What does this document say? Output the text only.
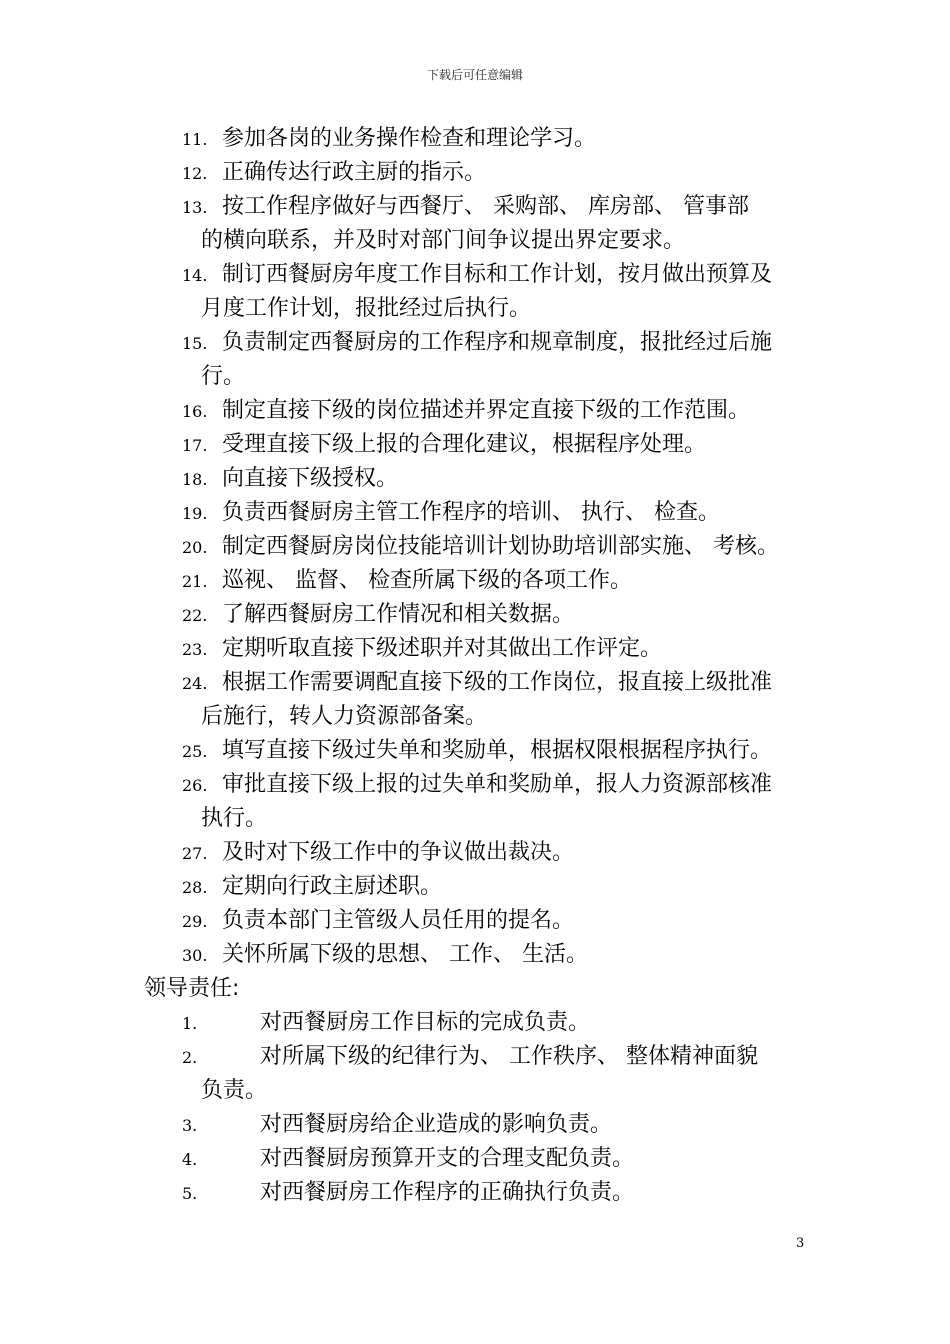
下载后可任意编辑
11. 参加各岗的业务操作检查和理论学习。
12. 正确传达行政主厨的指示。
13. 按工作程序做好与西餐厅、 采购部、 库房部、 管事部
的横向联系，并及时对部门间争议提出界定要求。
14. 制订西餐厨房年度工作目标和工作计划，按月做出预算及
月度工作计划，报批经过后执行。
15. 负责制定西餐厨房的工作程序和规章制度，报批经过后施
行。
16. 制定直接下级的岗位描述并界定直接下级的工作范围。
17. 受理直接下级上报的合理化建议，根据程序处理。
18. 向直接下级授权。
19. 负责西餐厨房主管工作程序的培训、 执行、 检查。
20. 制定西餐厨房岗位技能培训计划协助培训部实施、 考核。
21. 巡视、 监督、 检查所属下级的各项工作。
22. 了解西餐厨房工作情况和相关数据。
23. 定期听取直接下级述职并对其做出工作评定。
24. 根据工作需要调配直接下级的工作岗位，报直接上级批准
后施行，转人力资源部备案。
25. 填写直接下级过失单和奖励单，根据权限根据程序执行。
26. 审批直接下级上报的过失单和奖励单，报人力资源部核准
执行。
27. 及时对下级工作中的争议做出裁决。
28. 定期向行政主厨述职。
29. 负责本部门主管级人员任用的提名。
30. 关怀所属下级的思想、 工作、 生活。
领导责任:
1.	对西餐厨房工作目标的完成负责。
2.	对所属下级的纪律行为、 工作秩序、 整体精神面貌
负责。
3.	对西餐厨房给企业造成的影响负责。
4.	对西餐厨房预算开支的合理支配负责。
5.	对西餐厨房工作程序的正确执行负责。
3
